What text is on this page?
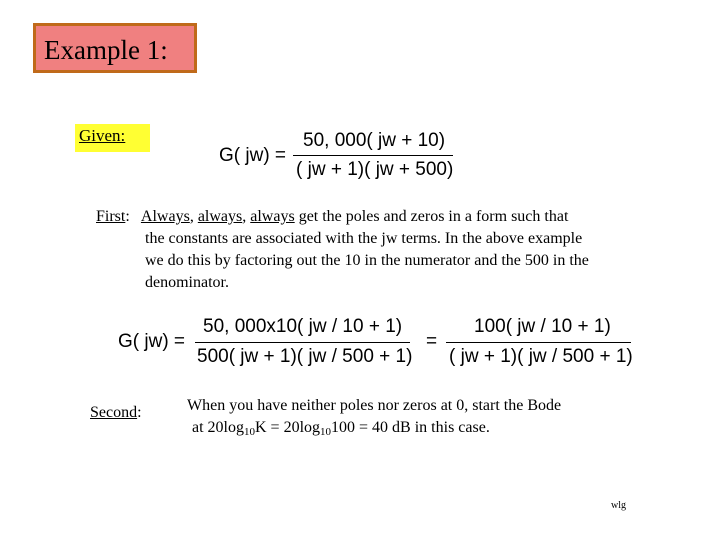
Example 1:
Given:
G( jw) =
50, 000( jw + 10)
( jw + 1)( jw + 500)
First: Always, always, always get the poles and zeros in a form such that
the constants are associated with the jw terms. In the above example
we do this by factoring out the 10 in the numerator and the 500 in the
denominator.
G( jw) =
50, 000x10( jw / 10 + 1)
500( jw + 1)( jw / 500 + 1)
=
100( jw / 10 + 1)
( jw + 1)( jw / 500 + 1)
Second:	When you have neither poles nor zeros at 0, start the Bode
at $20\log_{10}K = 20\log_{10}100 = 40$ dB in this case.
wlg
